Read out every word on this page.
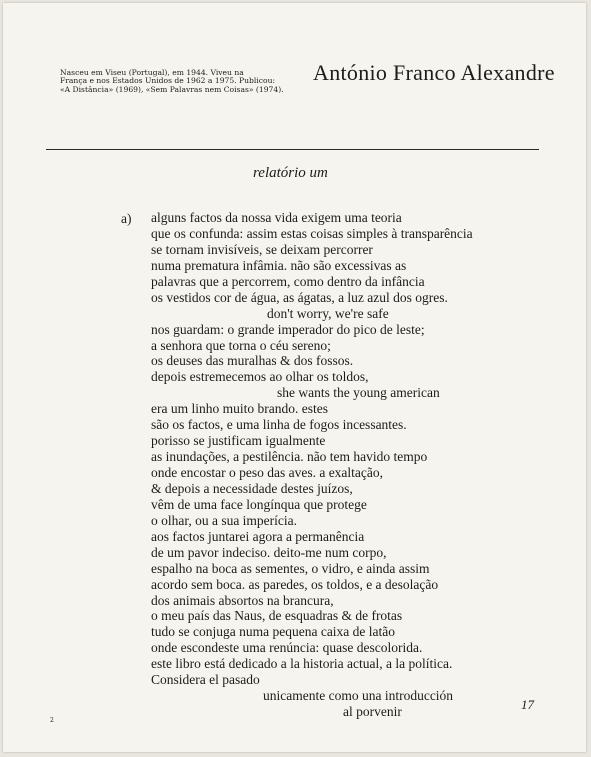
Nasceu em Viseu (Portugal), em 1944. Viveu na
França e nos Estados Unidos de 1962 a 1975. Publicou:
«A Distância» (1969), «Sem Palavras nem Coisas» (1974).

António Franco Alexandre
relatório um
a) alguns factos da nossa vida exigem uma teoria
que os confunda: assim estas coisas simples à transparência
se tornam invisíveis, se deixam percorrer
numa prematura infâmia. não são excessivas as
palavras que a percorrem, como dentro da infância
os vestidos cor de água, as ágatas, a luz azul dos ogres.
don't worry, we're safe
nos guardam: o grande imperador do pico de leste;
a senhora que torna o céu sereno;
os deuses das muralhas & dos fossos.
depois estremecemos ao olhar os toldos,
she wants the young american
era um linho muito brando. estes
são os factos, e uma linha de fogos incessantes.
porisso se justificam igualmente
as inundações, a pestilência. não tem havido tempo
onde encostar o peso das aves. a exaltação,
& depois a necessidade destes juízos,
vêm de uma face longínqua que protege
o olhar, ou a sua imperícia.
aos factos juntarei agora a permanência
de um pavor indeciso. deito-me num corpo,
espalho na boca as sementes, o vidro, e ainda assim
acordo sem boca. as paredes, os toldos, e a desolação
dos animais absortos na brancura,
o meu país das Naus, de esquadras & de frotas
tudo se conjuga numa pequena caixa de latão
onde escondeste uma renúncia: quase descolorida.
este libro está dedicado a la historia actual, a la política.
Considera el pasado
unicamente como una introducción
al porvenir	17
2
